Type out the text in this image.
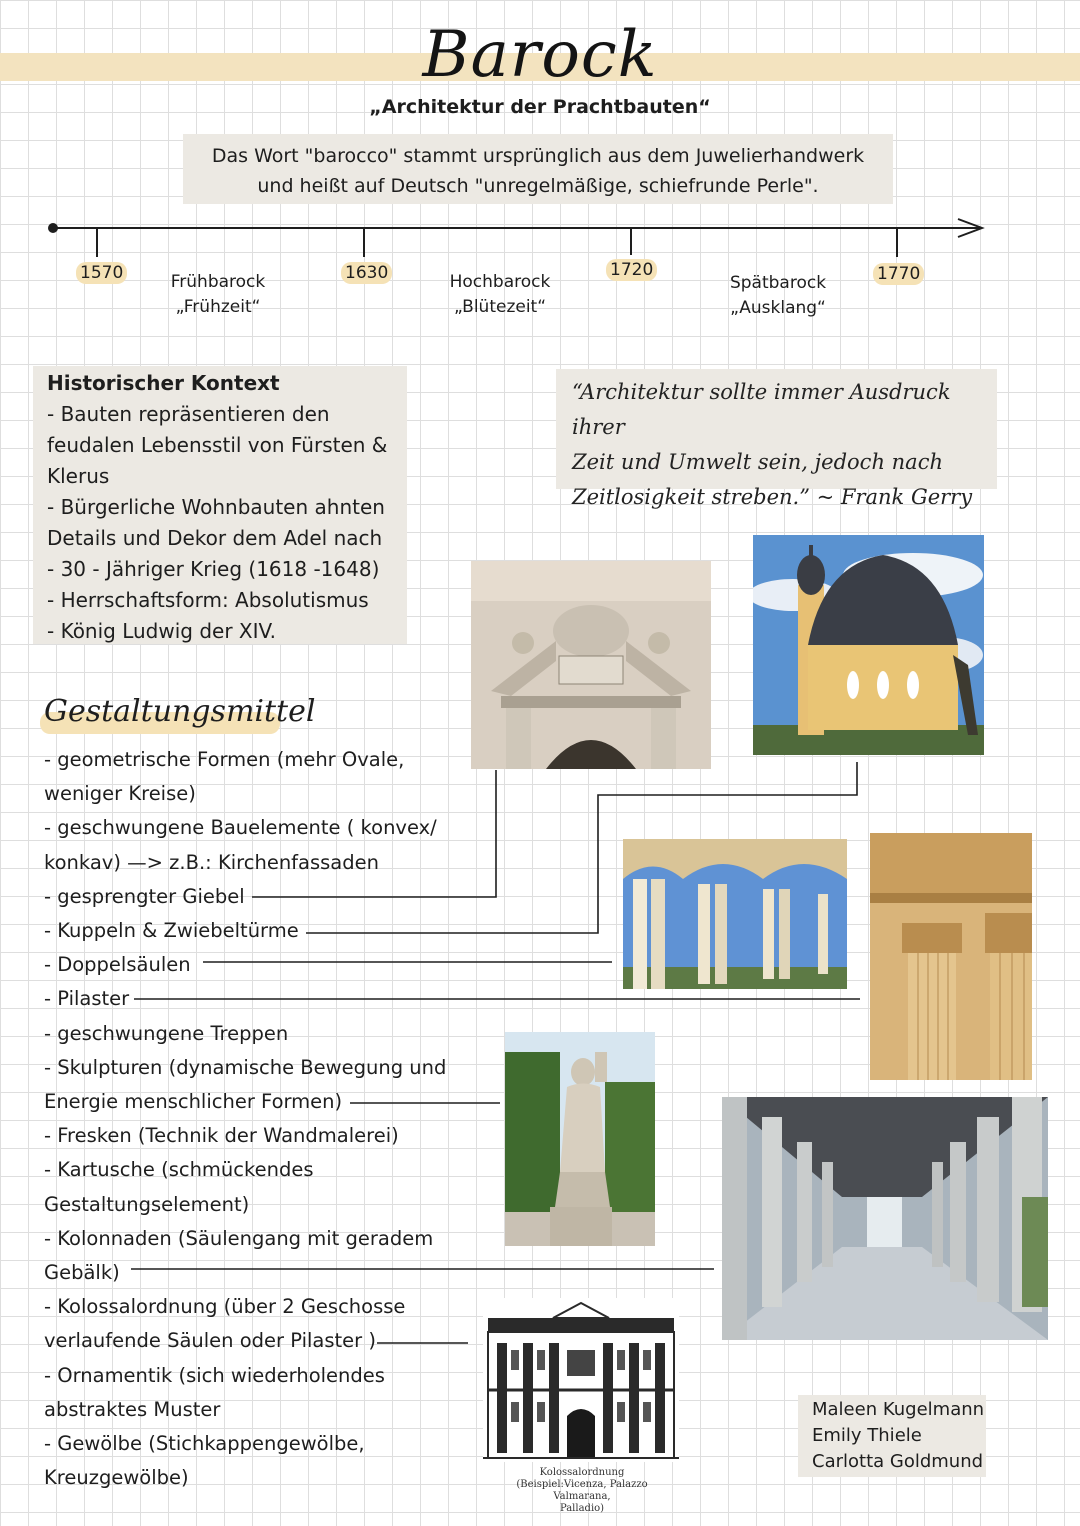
Barock
„Architektur der Prachtbauten“
Das Wort "barocco" stammt ursprünglich aus dem Juwelierhandwerk
und heißt auf Deutsch "unregelmäßige, schiefrunde Perle".
1570	1630	1720	1770
Frühbarock
„Frühzeit“
Hochbarock
„Blütezeit“
Spätbarock
„Ausklang“
Historischer Kontext
- Bauten repräsentieren den
feudalen Lebensstil von Fürsten &
Klerus
- Bürgerliche Wohnbauten ahnten
Details und Dekor dem Adel nach
- 30 - Jähriger Krieg (1618 -1648)
- Herrschaftsform: Absolutismus
- König Ludwig der XIV.
“Architektur sollte immer Ausdruck ihrer
Zeit und Umwelt sein, jedoch nach
Zeitlosigkeit streben.” ~ Frank Gerry
Kolossalordnung
(Beispiel:Vicenza, Palazzo Valmarana,
Palladio)
Gestaltungsmittel
- geometrische Formen (mehr Ovale,
weniger Kreise)
- geschwungene Bauelemente ( konvex/
konkav) —> z.B.: Kirchenfassaden
- gesprengter Giebel
- Kuppeln & Zwiebeltürme
- Doppelsäulen
- Pilaster
- geschwungene Treppen
- Skulpturen (dynamische Bewegung und
Energie menschlicher Formen)
- Fresken (Technik der Wandmalerei)
- Kartusche (schmückendes
Gestaltungselement)
- Kolonnaden (Säulengang mit geradem
Gebälk)
- Kolossalordnung (über 2 Geschosse
verlaufende Säulen oder Pilaster )
- Ornamentik (sich wiederholendes
abstraktes Muster
- Gewölbe (Stichkappengewölbe,
Kreuzgewölbe)
Maleen Kugelmann
Emily Thiele
Carlotta Goldmund
